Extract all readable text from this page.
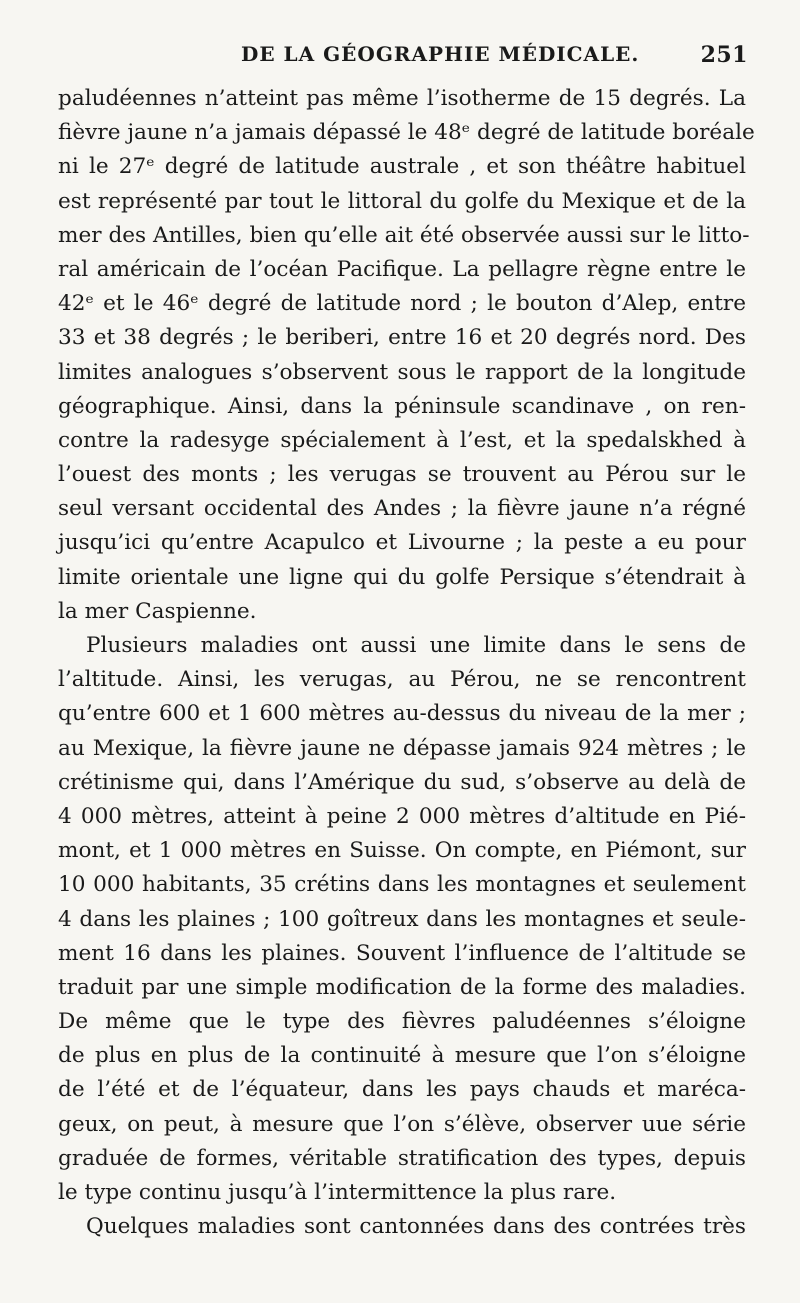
DE LA GÉOGRAPHIE MÉDICALE.	251
paludéennes n’atteint pas même l’isotherme de 15 degrés. La
fièvre jaune n’a jamais dépassé le 48ᵉ degré de latitude boréale
ni le 27ᵉ degré de latitude australe , et son théâtre habituel
est représenté par tout le littoral du golfe du Mexique et de la
mer des Antilles, bien qu’elle ait été observée aussi sur le litto-
ral américain de l’océan Pacifique. La pellagre règne entre le
42ᵉ et le 46ᵉ degré de latitude nord ; le bouton d’Alep, entre
33 et 38 degrés ; le beriberi, entre 16 et 20 degrés nord. Des
limites analogues s’observent sous le rapport de la longitude
géographique. Ainsi, dans la péninsule scandinave , on ren-
contre la radesyge spécialement à l’est, et la spedalskhed à
l’ouest des monts ; les verugas se trouvent au Pérou sur le
seul versant occidental des Andes ; la fièvre jaune n’a régné
jusqu’ici qu’entre Acapulco et Livourne ; la peste a eu pour
limite orientale une ligne qui du golfe Persique s’étendrait à
la mer Caspienne.
Plusieurs maladies ont aussi une limite dans le sens de
l’altitude. Ainsi, les verugas, au Pérou, ne se rencontrent
qu’entre 600 et 1 600 mètres au-dessus du niveau de la mer ;
au Mexique, la fièvre jaune ne dépasse jamais 924 mètres ; le
crétinisme qui, dans l’Amérique du sud, s’observe au delà de
4 000 mètres, atteint à peine 2 000 mètres d’altitude en Pié-
mont, et 1 000 mètres en Suisse. On compte, en Piémont, sur
10 000 habitants, 35 crétins dans les montagnes et seulement
4 dans les plaines ; 100 goîtreux dans les montagnes et seule-
ment 16 dans les plaines. Souvent l’influence de l’altitude se
traduit par une simple modification de la forme des maladies.
De même que le type des fièvres paludéennes s’éloigne
de plus en plus de la continuité à mesure que l’on s’éloigne
de l’été et de l’équateur, dans les pays chauds et maréca-
geux, on peut, à mesure que l’on s’élève, observer uue série
graduée de formes, véritable stratification des types, depuis
le type continu jusqu’à l’intermittence la plus rare.
Quelques maladies sont cantonnées dans des contrées très
